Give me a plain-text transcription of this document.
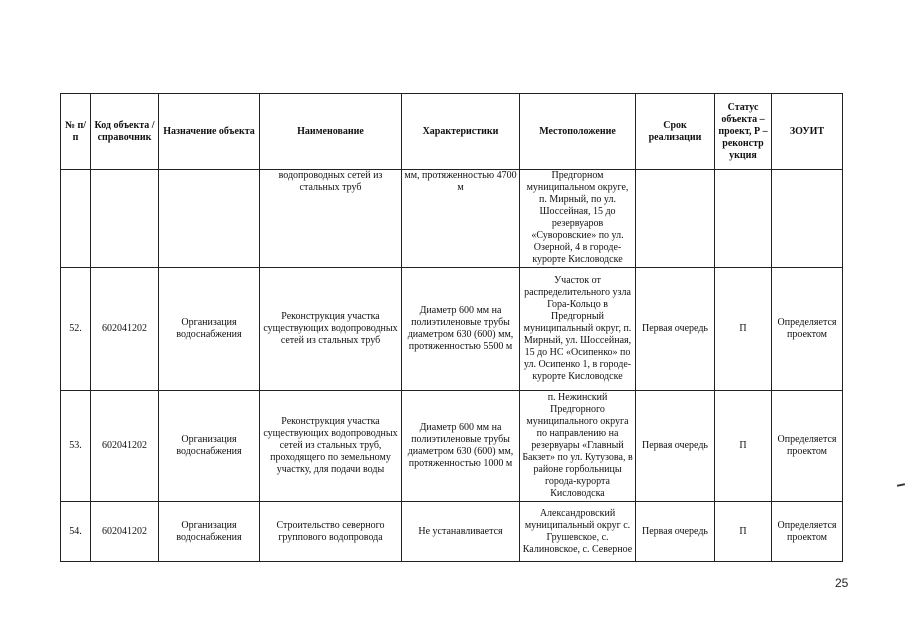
№ п/п	Код объекта / справочник	Назначение объекта	Наименование	Характеристики	Местоположение	Срок реализации	Статус объекта – проект, Р – реконстр укция	ЗОУИТ
			водопроводных сетей из стальных труб	мм, протяженностью 4700 м	Предгорном муниципальном округе, п. Мирный, по ул. Шоссейная, 15 до резервуаров «Суворовские» по ул. Озерной, 4 в городе-курорте Кисловодске			
52.	602041202	Организация водоснабжения	Реконструкция участка существующих водопроводных сетей из стальных труб	Диаметр 600 мм на полиэтиленовые трубы диаметром 630 (600) мм, протяженностью 5500 м	Участок от распределительного узла Гора-Кольцо в Предгорный муниципальный округ, п. Мирный, ул. Шоссейная, 15 до НС «Осипенко» по ул. Осипенко 1, в городе-курорте Кисловодске	Первая очередь	П	Определяется проектом
53.	602041202	Организация водоснабжения	Реконструкция участка существующих водопроводных сетей из стальных труб, проходящего по земельному участку, для подачи воды	Диаметр 600 мм на полиэтиленовые трубы диаметром 630 (600) мм, протяженностью 1000 м	п. Нежинский Предгорного муниципального округа по направлению на резервуары «Главный Бакзет» по ул. Кутузова, в районе горбольницы города-курорта Кисловодска	Первая очередь	П	Определяется проектом
54.	602041202	Организация водоснабжения	Строительство северного группового водопровода	Не устанавливается	Александровский муниципальный округ с. Грушевское, с. Калиновское, с. Северное	Первая очередь	П	Определяется проектом
25
